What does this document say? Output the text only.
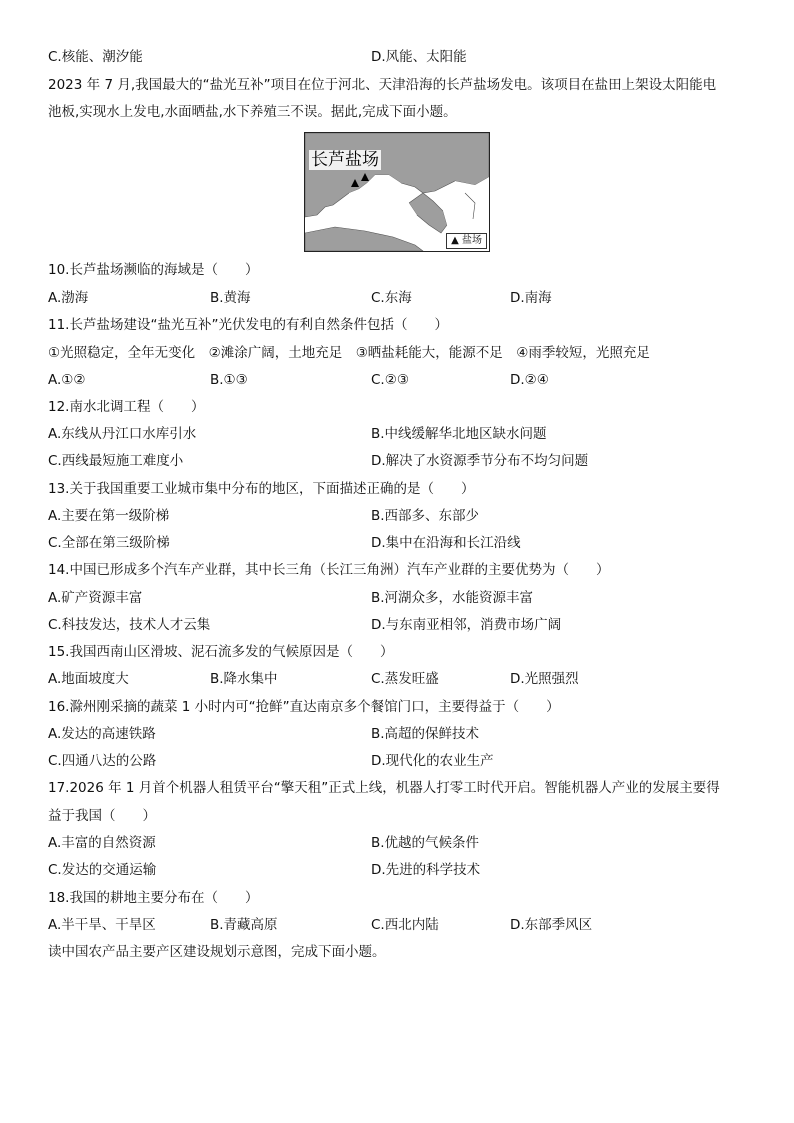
C.核能、潮汐能	D.风能、太阳能
2023 年 7 月,我国最大的“盐光互补”项目在位于河北、天津沿海的长芦盐场发电。该项目在盐田上架设太阳能电
池板,实现水上发电,水面晒盐,水下养殖三不误。据此,完成下面小题。
长芦盐场
▲ 盐场
10.长芦盐场濒临的海域是（　　）
A.渤海	B.黄海	C.东海	D.南海
11.长芦盐场建设“盐光互补”光伏发电的有利自然条件包括（　　）
①光照稳定，全年无变化　②滩涂广阔，土地充足　③晒盐耗能大，能源不足　④雨季较短，光照充足
A.①②	B.①③	C.②③	D.②④
12.南水北调工程（　　）
A.东线从丹江口水库引水	B.中线缓解华北地区缺水问题
C.西线最短施工难度小	D.解决了水资源季节分布不均匀问题
13.关于我国重要工业城市集中分布的地区，下面描述正确的是（　　）
A.主要在第一级阶梯	B.西部多、东部少
C.全部在第三级阶梯	D.集中在沿海和长江沿线
14.中国已形成多个汽车产业群，其中长三角（长江三角洲）汽车产业群的主要优势为（　　）
A.矿产资源丰富	B.河湖众多，水能资源丰富
C.科技发达，技术人才云集	D.与东南亚相邻，消费市场广阔
15.我国西南山区滑坡、泥石流多发的气候原因是（　　）
A.地面坡度大	B.降水集中	C.蒸发旺盛	D.光照强烈
16.滁州刚采摘的蔬菜 1 小时内可“抢鲜”直达南京多个餐馆门口，主要得益于（　　）
A.发达的高速铁路	B.高超的保鲜技术
C.四通八达的公路	D.现代化的农业生产
17.2026 年 1 月首个机器人租赁平台“擎天租”正式上线，机器人打零工时代开启。智能机器人产业的发展主要得
益于我国（　　）
A.丰富的自然资源	B.优越的气候条件
C.发达的交通运输	D.先进的科学技术
18.我国的耕地主要分布在（　　）
A.半干旱、干旱区	B.青藏高原	C.西北内陆	D.东部季风区
读中国农产品主要产区建设规划示意图，完成下面小题。
